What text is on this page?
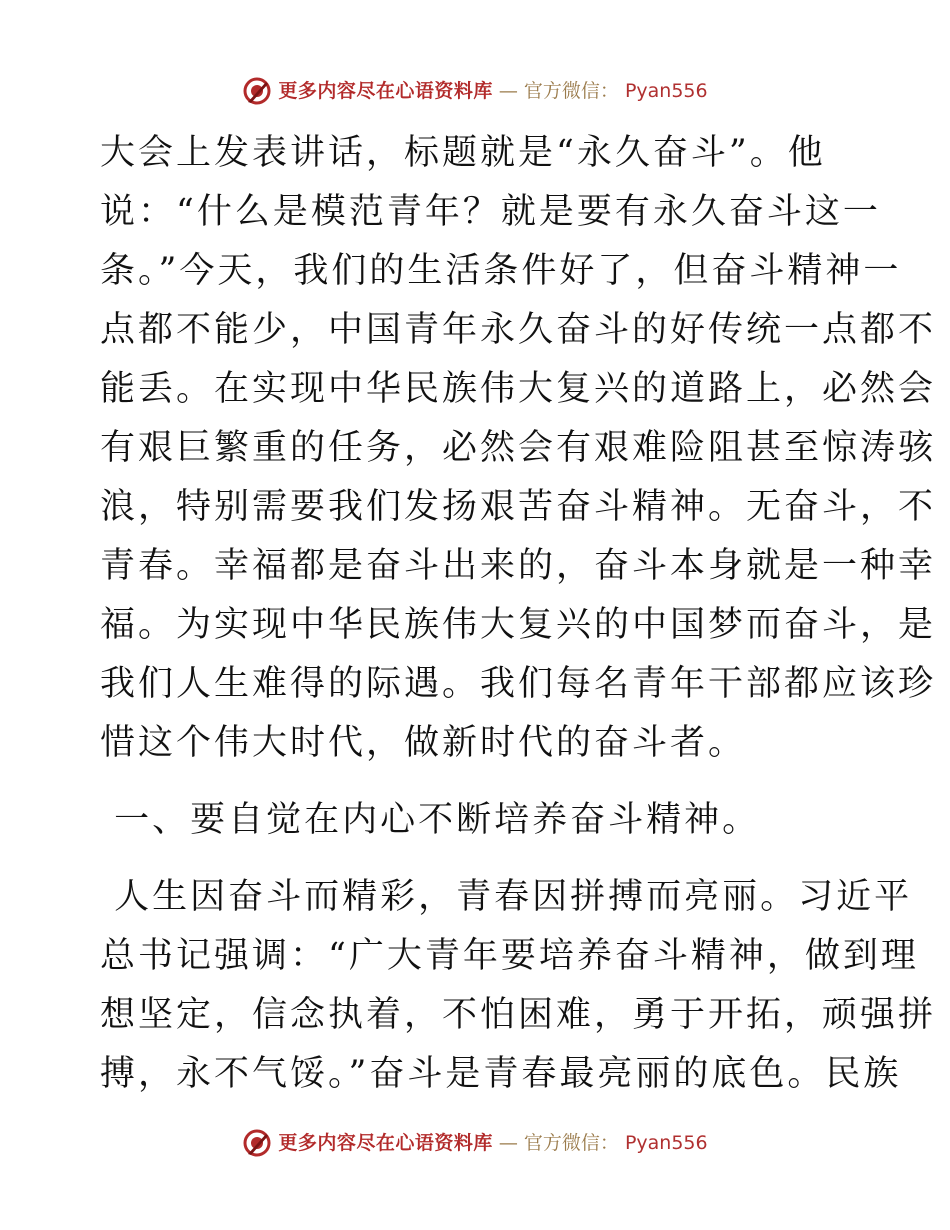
更多内容尽在心语资料库 — 官方微信： Pyan556

大会上发表讲话，标题就是“永久奋斗”。他
说：“什么是模范青年？就是要有永久奋斗这一
条。”今天，我们的生活条件好了，但奋斗精神一
点都不能少，中国青年永久奋斗的好传统一点都不
能丢。在实现中华民族伟大复兴的道路上，必然会
有艰巨繁重的任务，必然会有艰难险阻甚至惊涛骇
浪，特别需要我们发扬艰苦奋斗精神。无奋斗，不
青春。幸福都是奋斗出来的，奋斗本身就是一种幸
福。为实现中华民族伟大复兴的中国梦而奋斗，是
我们人生难得的际遇。我们每名青年干部都应该珍
惜这个伟大时代，做新时代的奋斗者。

一、要自觉在内心不断培养奋斗精神。

人生因奋斗而精彩，青春因拼搏而亮丽。习近平
总书记强调：“广大青年要培养奋斗精神，做到理
想坚定，信念执着，不怕困难，勇于开拓，顽强拼
搏，永不气馁。”奋斗是青春最亮丽的底色。民族

更多内容尽在心语资料库 — 官方微信： Pyan556
